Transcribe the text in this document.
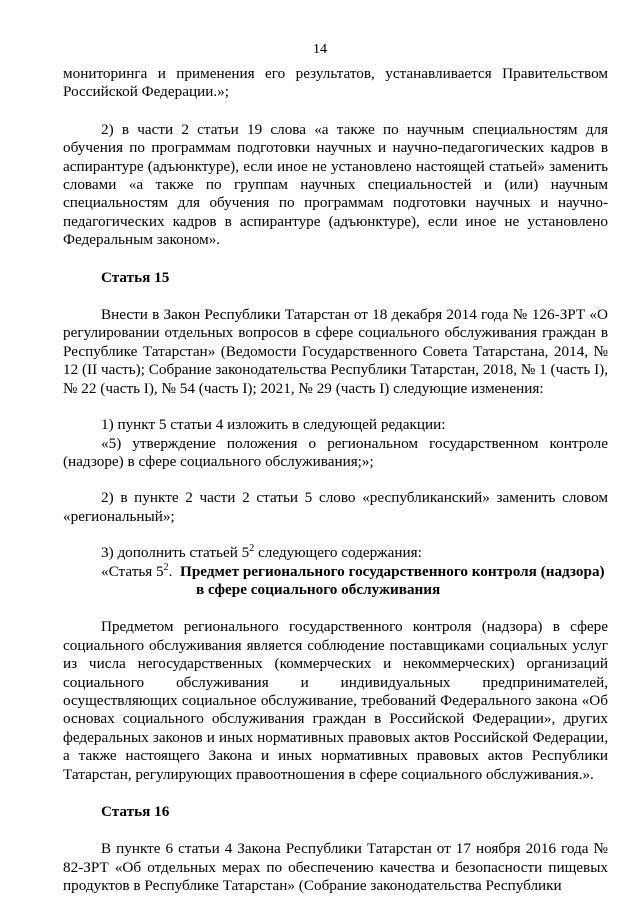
14

мониторинга и применения его результатов, устанавливается Правительством Российской Федерации.»;

2) в части 2 статьи 19 слова «а также по научным специальностям для обучения по программам подготовки научных и научно-педагогических кадров в аспирантуре (адъюнктуре), если иное не установлено настоящей статьей» заменить словами «а также по группам научных специальностей и (или) научным специальностям для обучения по программам подготовки научных и научно-педагогических кадров в аспирантуре (адъюнктуре), если иное не установлено Федеральным законом».

Статья 15

Внести в Закон Республики Татарстан от 18 декабря 2014 года № 126-ЗРТ «О регулировании отдельных вопросов в сфере социального обслуживания граждан в Республике Татарстан» (Ведомости Государственного Совета Татарстана, 2014, № 12 (II часть); Собрание законодательства Республики Татарстан, 2018, № 1 (часть I), № 22 (часть I), № 54 (часть I); 2021, № 29 (часть I) следующие изменения:

1) пункт 5 статьи 4 изложить в следующей редакции:

«5) утверждение положения о региональном государственном контроле (надзоре) в сфере социального обслуживания;»;

2) в пункте 2 части 2 статьи 5 слово «республиканский» заменить словом «региональный»;

3) дополнить статьей $5^2$ следующего содержания:

«Статья $5^2$. Предмет регионального государственного контроля (надзора)

в сфере социального обслуживания

Предметом регионального государственного контроля (надзора) в сфере социального обслуживания является соблюдение поставщиками социальных услуг из числа негосударственных (коммерческих и некоммерческих) организаций социального обслуживания и индивидуальных предпринимателей, осуществляющих социальное обслуживание, требований Федерального закона «Об основах социального обслуживания граждан в Российской Федерации», других федеральных законов и иных нормативных правовых актов Российской Федерации, а также настоящего Закона и иных нормативных правовых актов Республики Татарстан, регулирующих правоотношения в сфере социального обслуживания.».

Статья 16

В пункте 6 статьи 4 Закона Республики Татарстан от 17 ноября 2016 года № 82-ЗРТ «Об отдельных мерах по обеспечению качества и безопасности пищевых продуктов в Республике Татарстан» (Собрание законодательства Республики
